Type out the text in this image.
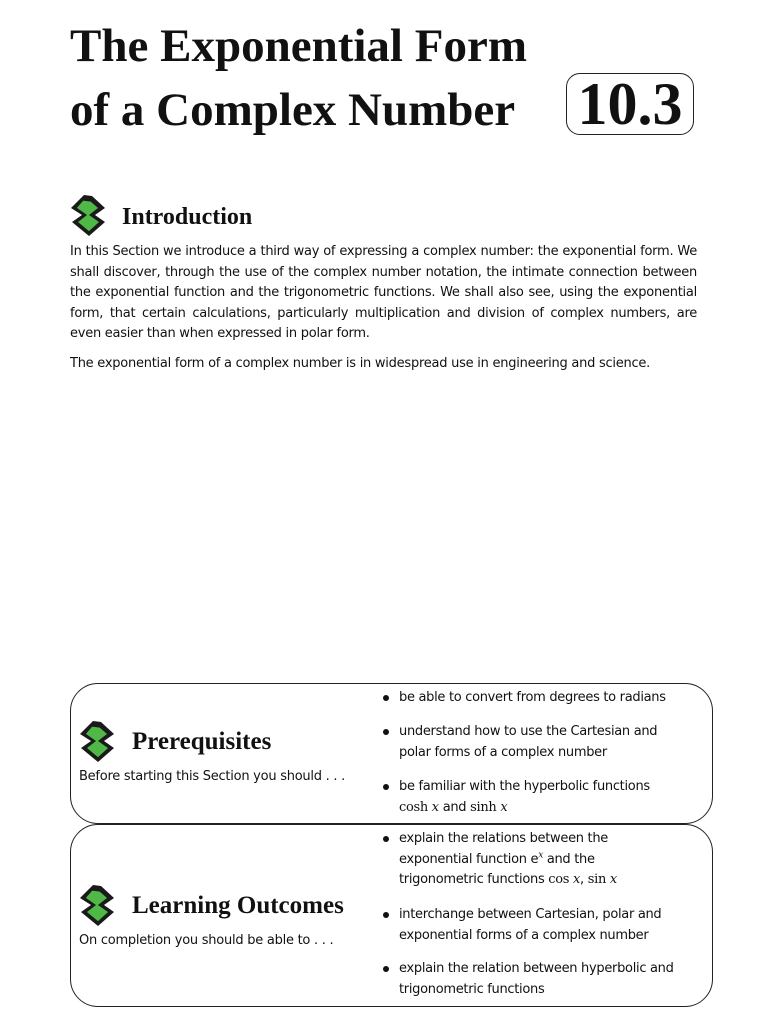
The Exponential Form
of a Complex Number 10.3
Introduction

In this Section we introduce a third way of expressing a complex number: the exponential form. We shall discover, through the use of the complex number notation, the intimate connection between the exponential function and the trigonometric functions. We shall also see, using the exponential form, that certain calculations, particularly multiplication and division of complex numbers, are even easier than when expressed in polar form.

The exponential form of a complex number is in widespread use in engineering and science.

Prerequisites
Before starting this Section you should . . .
be able to convert from degrees to radians
understand how to use the Cartesian and polar forms of a complex number
be familiar with the hyperbolic functions
cosh x and sinh x
Learning Outcomes
On completion you should be able to . . .
explain the relations between the
exponential function $e^x$ and the
trigonometric functions cos x, sin x
interchange between Cartesian, polar and exponential forms of a complex number
explain the relation between hyperbolic and trigonometric functions
